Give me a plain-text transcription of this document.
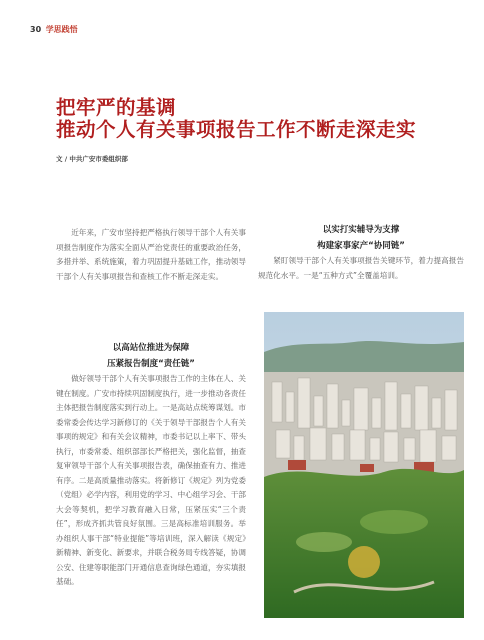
30 学思践悟
把牢严的基调
推动个人有关事项报告工作不断走深走实
文 / 中共广安市委组织部

近年来，广安市坚持把严格执行领导干部个人有关事项报告制度作为落实全面从严治党责任的重要政治任务，多措并举、系统施策，着力巩固提升基础工作，推动领导干部个人有关事项报告和查核工作不断走深走实。

以高站位推进为保障

压紧报告制度“责任链”

做好领导干部个人有关事项报告工作的主体在人、关键在制度。广安市持续巩固制度执行，进一步推动各责任主体把报告制度落实到行动上。一是高站点统筹谋划。市委常委会传达学习新修订的《关于领导干部报告个人有关事项的规定》和有关会议精神，市委书记以上率下、带头执行，市委常委、组织部部长严格把关，强化监督，抽查复审领导干部个人有关事项报告表，确保抽查有力、推进有序。二是高质量推动落实。将新修订《规定》列为党委（党组）必学内容，利用党的学习、中心组学习会、干部大会等契机，把学习教育融入日常，压紧压实“三个责任”，形成齐抓共管良好氛围。三是高标准培训服务。举办组织人事干部“特业提能”等培训班，深入解读《规定》新精神、新变化、新要求，并联合税务局专线答疑，协调公安、住建等职能部门开通信息查询绿色通道，夯实填报基础。

以实打实辅导为支撑

构建家事家产“协同链”

紧盯领导干部个人有关事项报告关键环节，着力提高报告规范化水平。一是“五种方式”全覆盖培训。
